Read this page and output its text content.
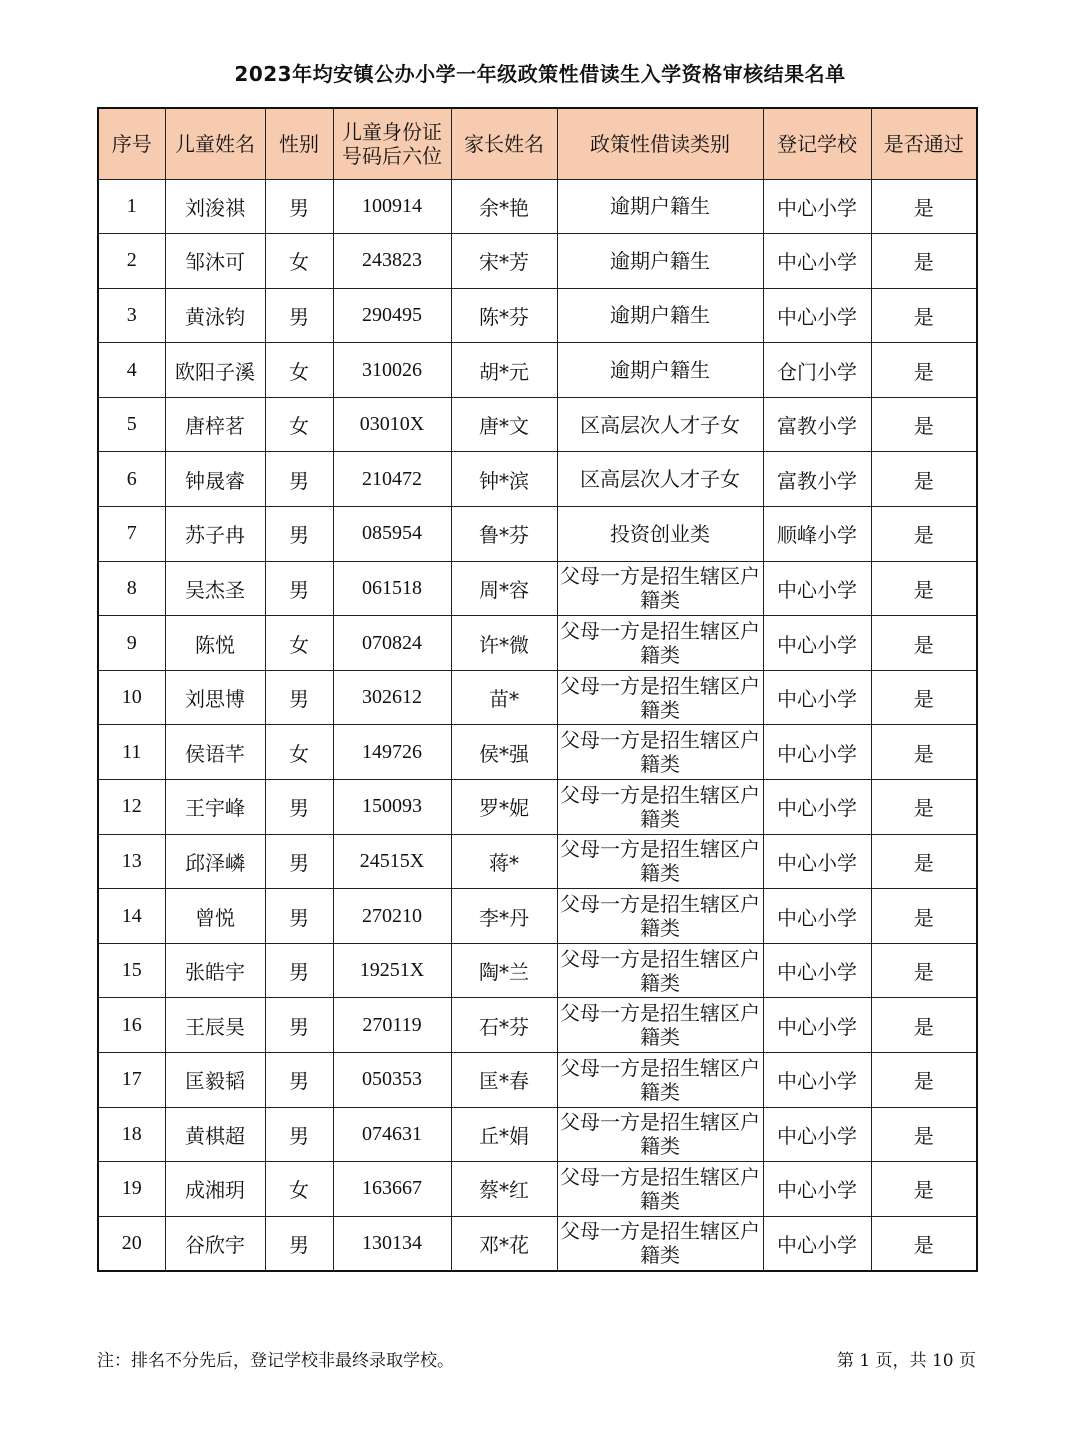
2023年均安镇公办小学一年级政策性借读生入学资格审核结果名单
序号	儿童姓名	性别	儿童身份证号码后六位	家长姓名	政策性借读类别	登记学校	是否通过
1	刘浚祺	男	100914	余*艳	逾期户籍生	中心小学	是
2	邹沐可	女	243823	宋*芳	逾期户籍生	中心小学	是
3	黄泳钧	男	290495	陈*芬	逾期户籍生	中心小学	是
4	欧阳子溪	女	310026	胡*元	逾期户籍生	仓门小学	是
5	唐梓茗	女	03010X	唐*文	区高层次人才子女	富教小学	是
6	钟晟睿	男	210472	钟*滨	区高层次人才子女	富教小学	是
7	苏子冉	男	085954	鲁*芬	投资创业类	顺峰小学	是
8	吴杰圣	男	061518	周*容	父母一方是招生辖区户籍类	中心小学	是
9	陈悦	女	070824	许*微	父母一方是招生辖区户籍类	中心小学	是
10	刘思博	男	302612	苗*	父母一方是招生辖区户籍类	中心小学	是
11	侯语芊	女	149726	侯*强	父母一方是招生辖区户籍类	中心小学	是
12	王宇峰	男	150093	罗*妮	父母一方是招生辖区户籍类	中心小学	是
13	邱泽嶙	男	24515X	蒋*	父母一方是招生辖区户籍类	中心小学	是
14	曾悦	男	270210	李*丹	父母一方是招生辖区户籍类	中心小学	是
15	张皓宇	男	19251X	陶*兰	父母一方是招生辖区户籍类	中心小学	是
16	王辰昊	男	270119	石*芬	父母一方是招生辖区户籍类	中心小学	是
17	匡毅韬	男	050353	匡*春	父母一方是招生辖区户籍类	中心小学	是
18	黄棋超	男	074631	丘*娟	父母一方是招生辖区户籍类	中心小学	是
19	成湘玥	女	163667	蔡*红	父母一方是招生辖区户籍类	中心小学	是
20	谷欣宇	男	130134	邓*花	父母一方是招生辖区户籍类	中心小学	是
注：排名不分先后，登记学校非最终录取学校。	第 1 页，共 10 页
